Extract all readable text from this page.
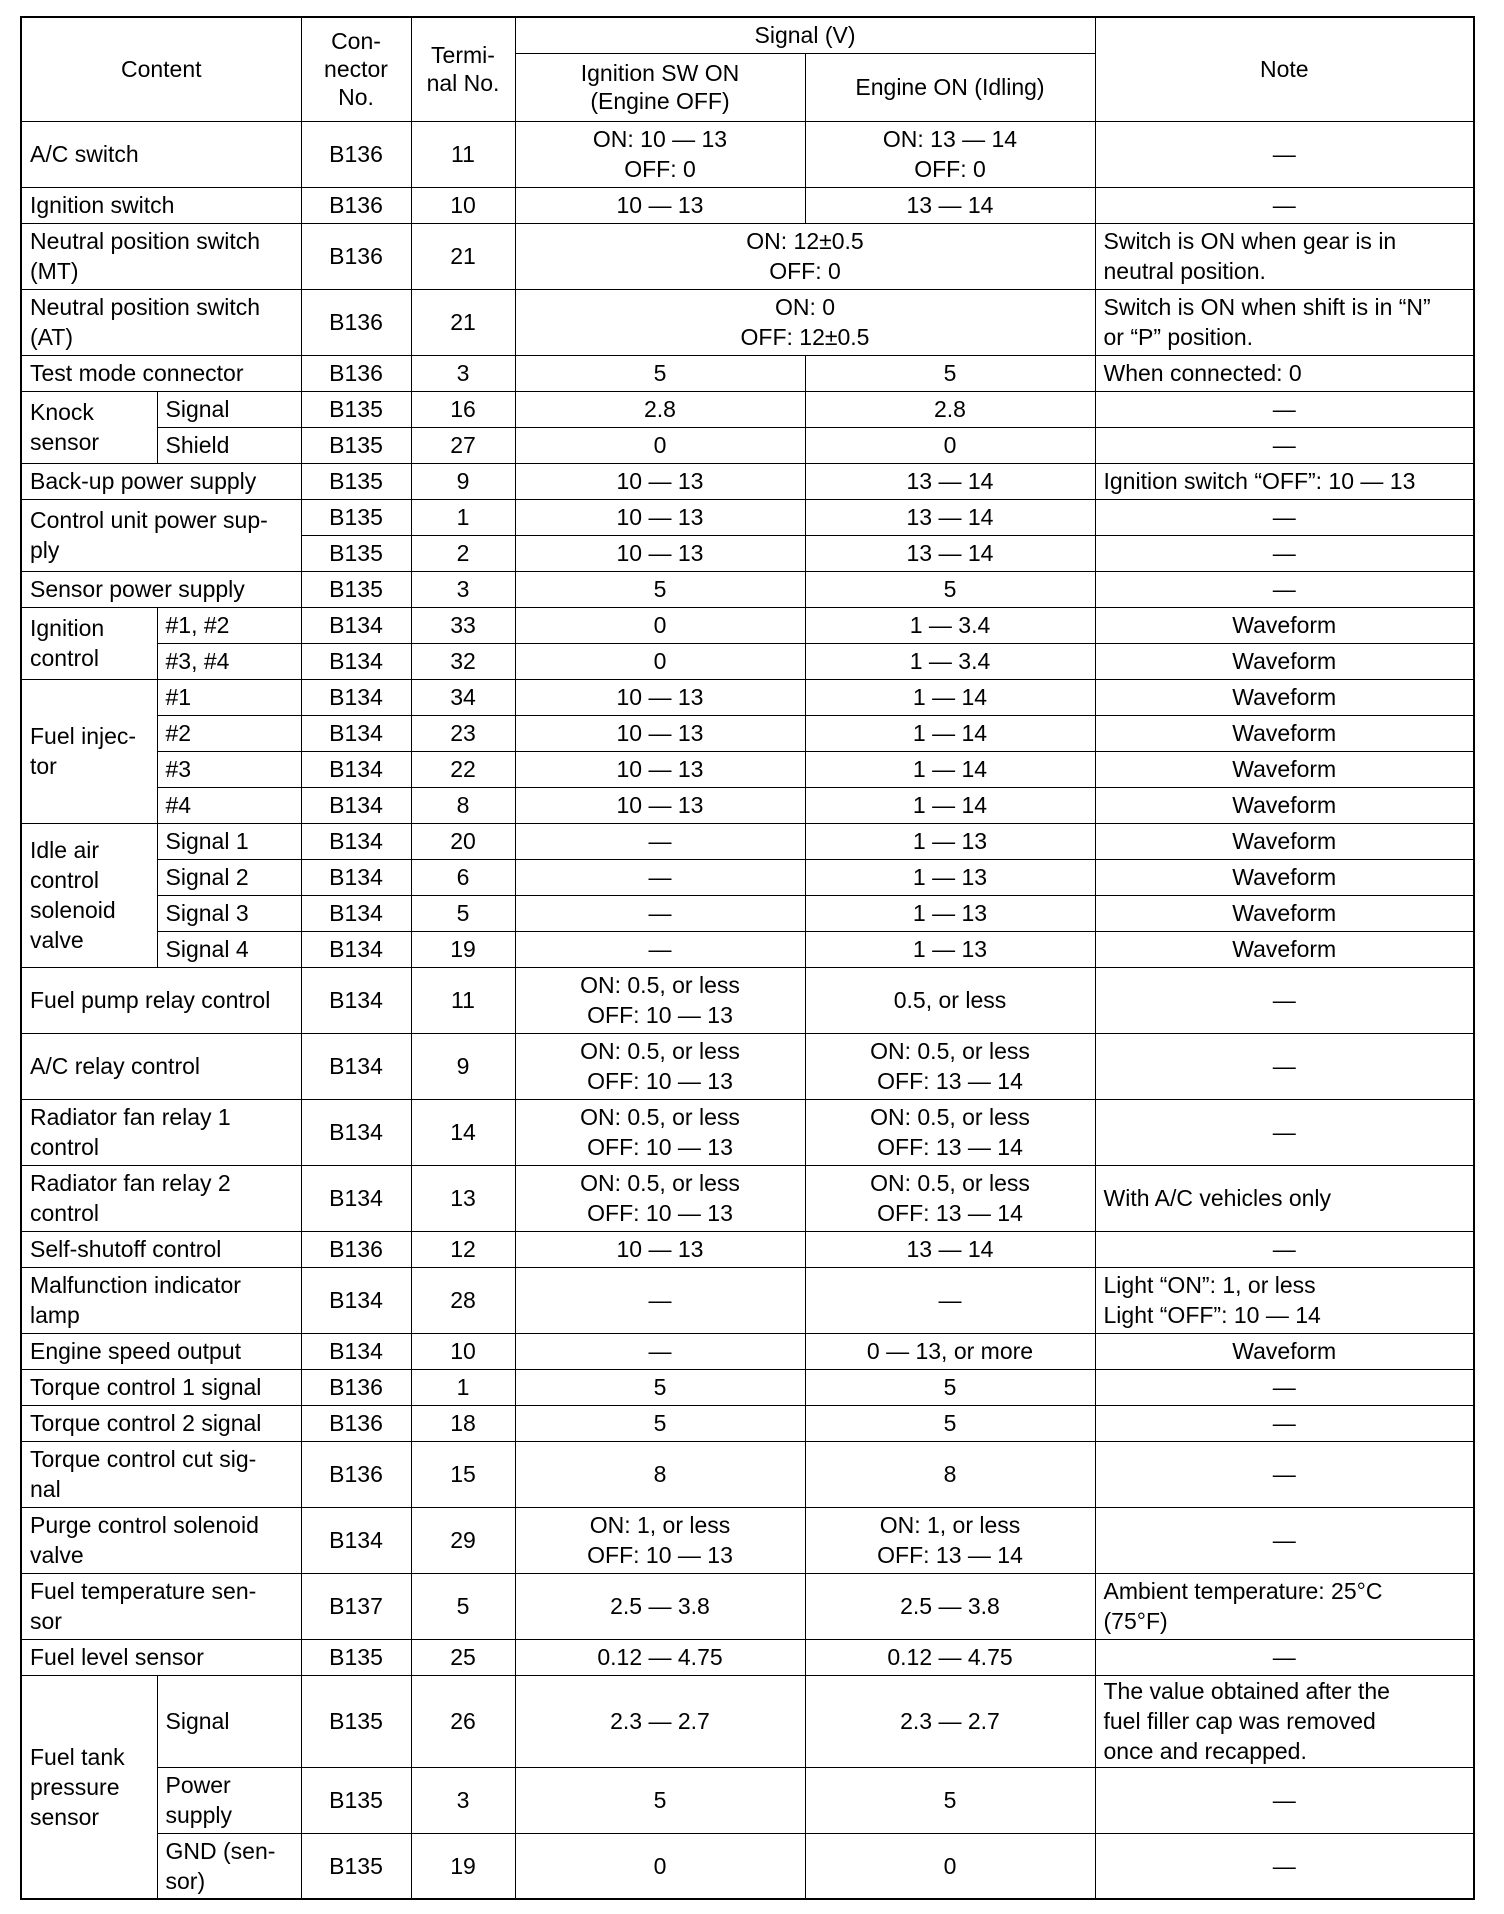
Content		Con-
nector
No.	Termi-
nal No.	Signal (V)		Note
				Ignition SW ON
(Engine OFF)	Engine ON (Idling)	
A/C switch		B136	11	ON: 10 — 13
OFF: 0	ON: 13 — 14
OFF: 0	—
Ignition switch		B136	10	10 — 13	13 — 14	—
Neutral position switch
(MT)		B136	21	ON: 12±0.5
OFF: 0		Switch is ON when gear is in
neutral position.
Neutral position switch
(AT)		B136	21	ON: 0
OFF: 12±0.5		Switch is ON when shift is in “N”
or “P” position.
Test mode connector		B136	3	5	5	When connected: 0
Knock
sensor	Signal	B135	16	2.8	2.8	—
	Shield	B135	27	0	0	—
Back-up power supply		B135	9	10 — 13	13 — 14	Ignition switch “OFF”: 10 — 13
Control unit power sup-
ply		B135	1	10 — 13	13 — 14	—
		B135	2	10 — 13	13 — 14	—
Sensor power supply		B135	3	5	5	—
Ignition
control	#1, #2	B134	33	0	1 — 3.4	Waveform
	#3, #4	B134	32	0	1 — 3.4	Waveform
Fuel injec-
tor	#1	B134	34	10 — 13	1 — 14	Waveform
	#2	B134	23	10 — 13	1 — 14	Waveform
	#3	B134	22	10 — 13	1 — 14	Waveform
	#4	B134	8	10 — 13	1 — 14	Waveform
Idle air
control
solenoid
valve	Signal 1	B134	20	—	1 — 13	Waveform
	Signal 2	B134	6	—	1 — 13	Waveform
	Signal 3	B134	5	—	1 — 13	Waveform
	Signal 4	B134	19	—	1 — 13	Waveform
Fuel pump relay control		B134	11	ON: 0.5, or less
OFF: 10 — 13	0.5, or less	—
A/C relay control		B134	9	ON: 0.5, or less
OFF: 10 — 13	ON: 0.5, or less
OFF: 13 — 14	—
Radiator fan relay 1
control		B134	14	ON: 0.5, or less
OFF: 10 — 13	ON: 0.5, or less
OFF: 13 — 14	—
Radiator fan relay 2
control		B134	13	ON: 0.5, or less
OFF: 10 — 13	ON: 0.5, or less
OFF: 13 — 14	With A/C vehicles only
Self-shutoff control		B136	12	10 — 13	13 — 14	—
Malfunction indicator
lamp		B134	28	—	—	Light “ON”: 1, or less
Light “OFF”: 10 — 14
Engine speed output		B134	10	—	0 — 13, or more	Waveform
Torque control 1 signal		B136	1	5	5	—
Torque control 2 signal		B136	18	5	5	—
Torque control cut sig-
nal		B136	15	8	8	—
Purge control solenoid
valve		B134	29	ON: 1, or less
OFF: 10 — 13	ON: 1, or less
OFF: 13 — 14	—
Fuel temperature sen-
sor		B137	5	2.5 — 3.8	2.5 — 3.8	Ambient temperature: 25°C
(75°F)
Fuel level sensor		B135	25	0.12 — 4.75	0.12 — 4.75	—
Fuel tank
pressure
sensor	Signal	B135	26	2.3 — 2.7	2.3 — 2.7	The value obtained after the
fuel filler cap was removed
once and recapped.
	Power
supply	B135	3	5	5	—
	GND (sen-
sor)	B135	19	0	0	—
